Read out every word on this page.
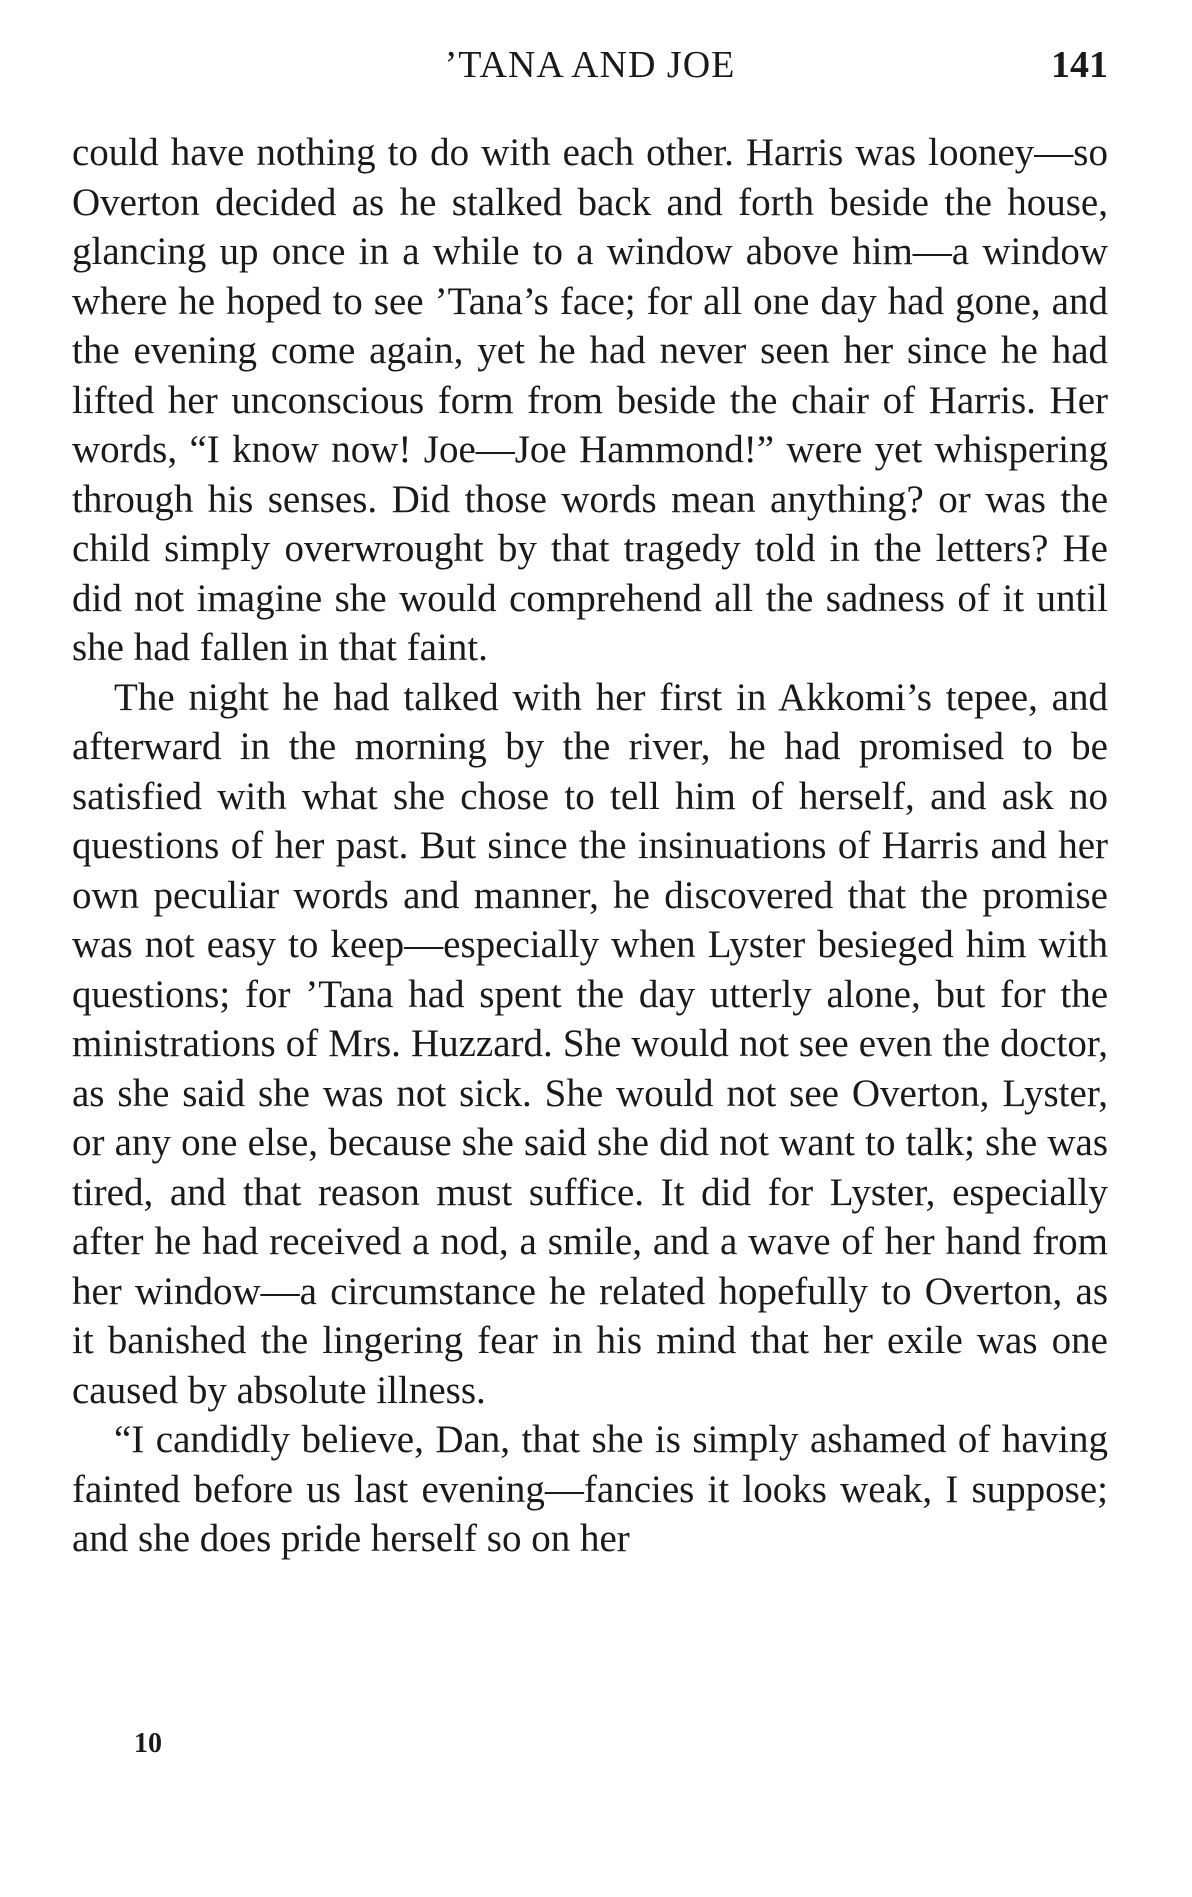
’TANA AND JOE	141

could have nothing to do with each other. Harris was looney—so Overton decided as he stalked back and forth beside the house, glancing up once in a while to a window above him—a window where he hoped to see ’Tana’s face; for all one day had gone, and the evening come again, yet he had never seen her since he had lifted her unconscious form from beside the chair of Harris. Her words, “I know now! Joe—Joe Hammond!” were yet whispering through his senses. Did those words mean anything? or was the child simply overwrought by that tragedy told in the letters? He did not imagine she would comprehend all the sadness of it until she had fallen in that faint.

The night he had talked with her first in Akkomi’s tepee, and afterward in the morning by the river, he had promised to be satisfied with what she chose to tell him of herself, and ask no questions of her past. But since the insinuations of Harris and her own peculiar words and manner, he discovered that the promise was not easy to keep—especially when Lyster besieged him with questions; for ’Tana had spent the day utterly alone, but for the ministrations of Mrs. Huzzard. She would not see even the doctor, as she said she was not sick. She would not see Overton, Lyster, or any one else, because she said she did not want to talk; she was tired, and that reason must suffice. It did for Lyster, especially after he had received a nod, a smile, and a wave of her hand from her window—a circumstance he related hopefully to Overton, as it banished the lingering fear in his mind that her exile was one caused by absolute illness.

“I candidly believe, Dan, that she is simply ashamed of having fainted before us last evening—fancies it looks weak, I suppose; and she does pride herself so on her

10
